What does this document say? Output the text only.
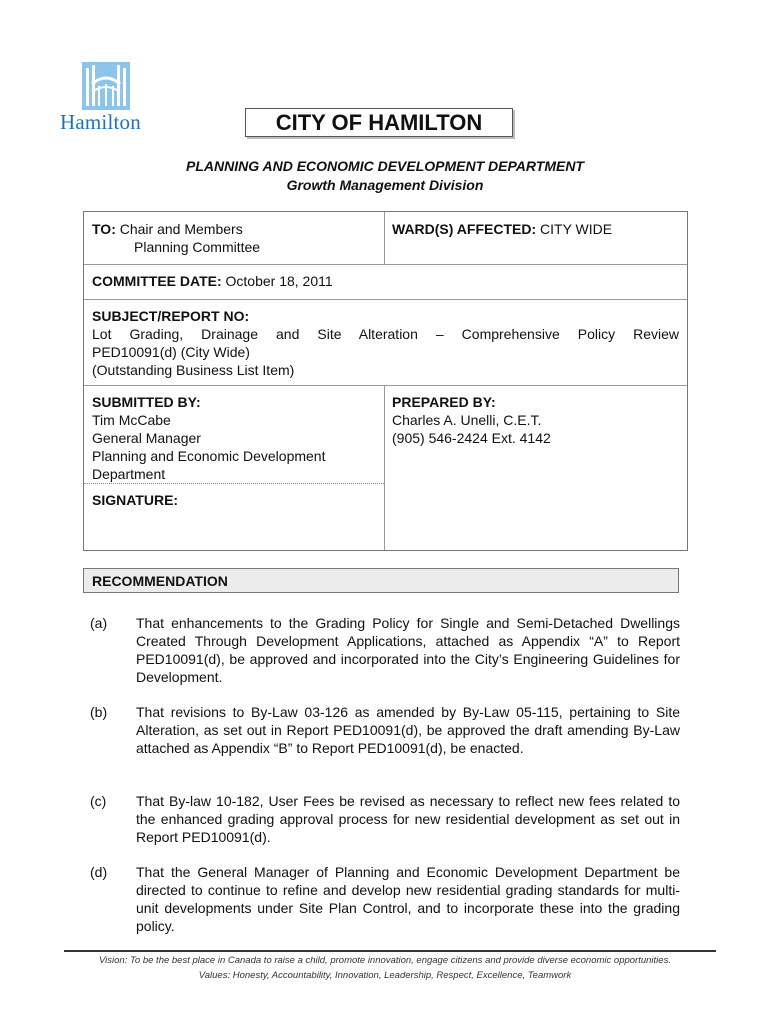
Hamilton	CITY OF HAMILTON
PLANNING AND ECONOMIC DEVELOPMENT DEPARTMENT
Growth Management Division
TO: Chair and Members
Planning Committee
WARD(S) AFFECTED: CITY WIDE
COMMITTEE DATE: October 18, 2011
SUBJECT/REPORT NO:
Lot Grading, Drainage and Site Alteration – Comprehensive Policy Review
PED10091(d) (City Wide)
(Outstanding Business List Item)
SUBMITTED BY:
Tim McCabe
General Manager
Planning and Economic Development
Department
SIGNATURE:
PREPARED BY:
Charles A. Unelli, C.E.T.
(905) 546-2424 Ext. 4142
RECOMMENDATION
(a) That enhancements to the Grading Policy for Single and Semi-Detached Dwellings Created Through Development Applications, attached as Appendix “A” to Report PED10091(d), be approved and incorporated into the City’s Engineering Guidelines for Development.
(b) That revisions to By-Law 03-126 as amended by By-Law 05-115, pertaining to Site Alteration, as set out in Report PED10091(d), be approved the draft amending By-Law attached as Appendix “B” to Report PED10091(d), be enacted.
(c) That By-law 10-182, User Fees be revised as necessary to reflect new fees related to the enhanced grading approval process for new residential development as set out in Report PED10091(d).
(d) That the General Manager of Planning and Economic Development Department be directed to continue to refine and develop new residential grading standards for multi-unit developments under Site Plan Control, and to incorporate these into the grading policy.
Vision: To be the best place in Canada to raise a child, promote innovation, engage citizens and provide diverse economic opportunities.
Values: Honesty, Accountability, Innovation, Leadership, Respect, Excellence, Teamwork
